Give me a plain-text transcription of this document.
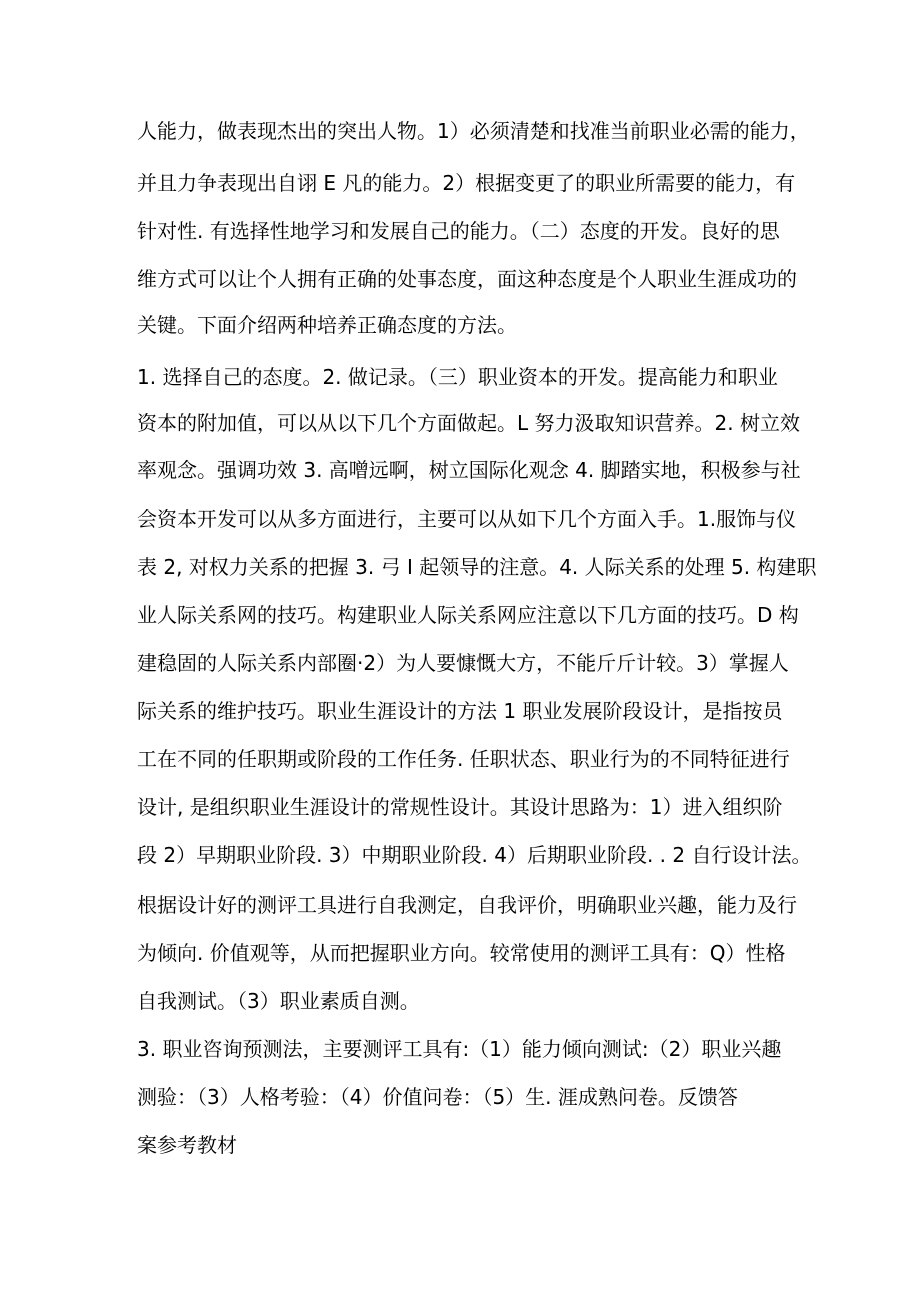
人能力，做表现杰出的突出人物。1）必须清楚和找准当前职业必需的能力，
并且力争表现出自诩 E 凡的能力。2）根据变更了的职业所需要的能力，有
针对性. 有选择性地学习和发展自己的能力。（二）态度的开发。良好的思
维方式可以让个人拥有正确的处事态度，面这种态度是个人职业生涯成功的
关键。下面介绍两种培养正确态度的方法。
1. 选择自己的态度。2. 做记录。（三）职业资本的开发。提高能力和职业
资本的附加值，可以从以下几个方面做起。L 努力汲取知识营养。2. 树立效
率观念。强调功效 3. 高噌远啊，树立国际化观念 4. 脚踏实地，积极参与社
会资本开发可以从多方面进行，主要可以从如下几个方面入手。1.服饰与仪
表 2, 对权力关系的把握 3. 弓 I 起领导的注意。4. 人际关系的处理 5. 构建职
业人际关系网的技巧。构建职业人际关系网应注意以下几方面的技巧。D 构
建稳固的人际关系内部圈·2）为人要慷慨大方，不能斤斤计较。3）掌握人
际关系的维护技巧。职业生涯设计的方法 1 职业发展阶段设计，是指按员
工在不同的任职期或阶段的工作任务. 任职状态、职业行为的不同特征进行
设计, 是组织职业生涯设计的常规性设计。其设计思路为：1）进入组织阶
段 2）早期职业阶段. 3）中期职业阶段. 4）后期职业阶段. . 2 自行设计法。
根据设计好的测评工具进行自我测定，自我评价，明确职业兴趣，能力及行
为倾向. 价值观等，从而把握职业方向。较常使用的测评工具有：Q）性格
自我测试。（3）职业素质自测。
3. 职业咨询预测法，主要测评工具有:（1）能力倾向测试:（2）职业兴趣
测验：（3）人格考验：（4）价值问卷：（5）生. 涯成熟问卷。反馈答
案参考教材
